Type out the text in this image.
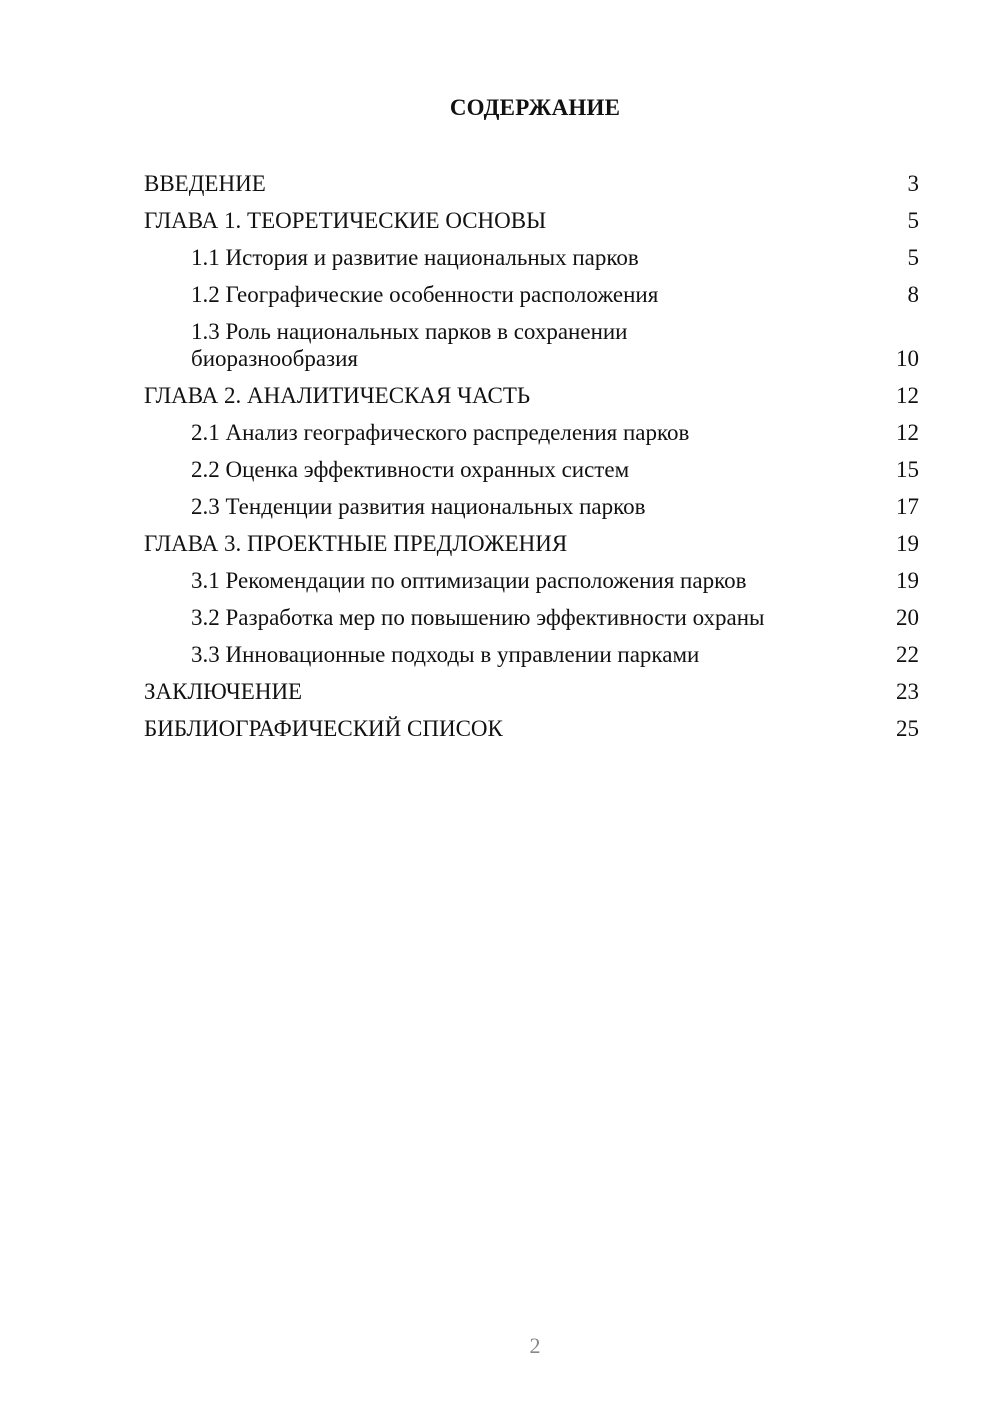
СОДЕРЖАНИЕ
ВВЕДЕНИЕ	3
ГЛАВА 1. ТЕОРЕТИЧЕСКИЕ ОСНОВЫ	5
1.1 История и развитие национальных парков	5
1.2 Географические особенности расположения	8
1.3 Роль национальных парков в сохранении
биоразнообразия	10
ГЛАВА 2. АНАЛИТИЧЕСКАЯ ЧАСТЬ	12
2.1 Анализ географического распределения парков	12
2.2 Оценка эффективности охранных систем	15
2.3 Тенденции развития национальных парков	17
ГЛАВА 3. ПРОЕКТНЫЕ ПРЕДЛОЖЕНИЯ	19
3.1 Рекомендации по оптимизации расположения парков	19
3.2 Разработка мер по повышению эффективности охраны	20
3.3 Инновационные подходы в управлении парками	22
ЗАКЛЮЧЕНИЕ	23
БИБЛИОГРАФИЧЕСКИЙ СПИСОК	25
2
